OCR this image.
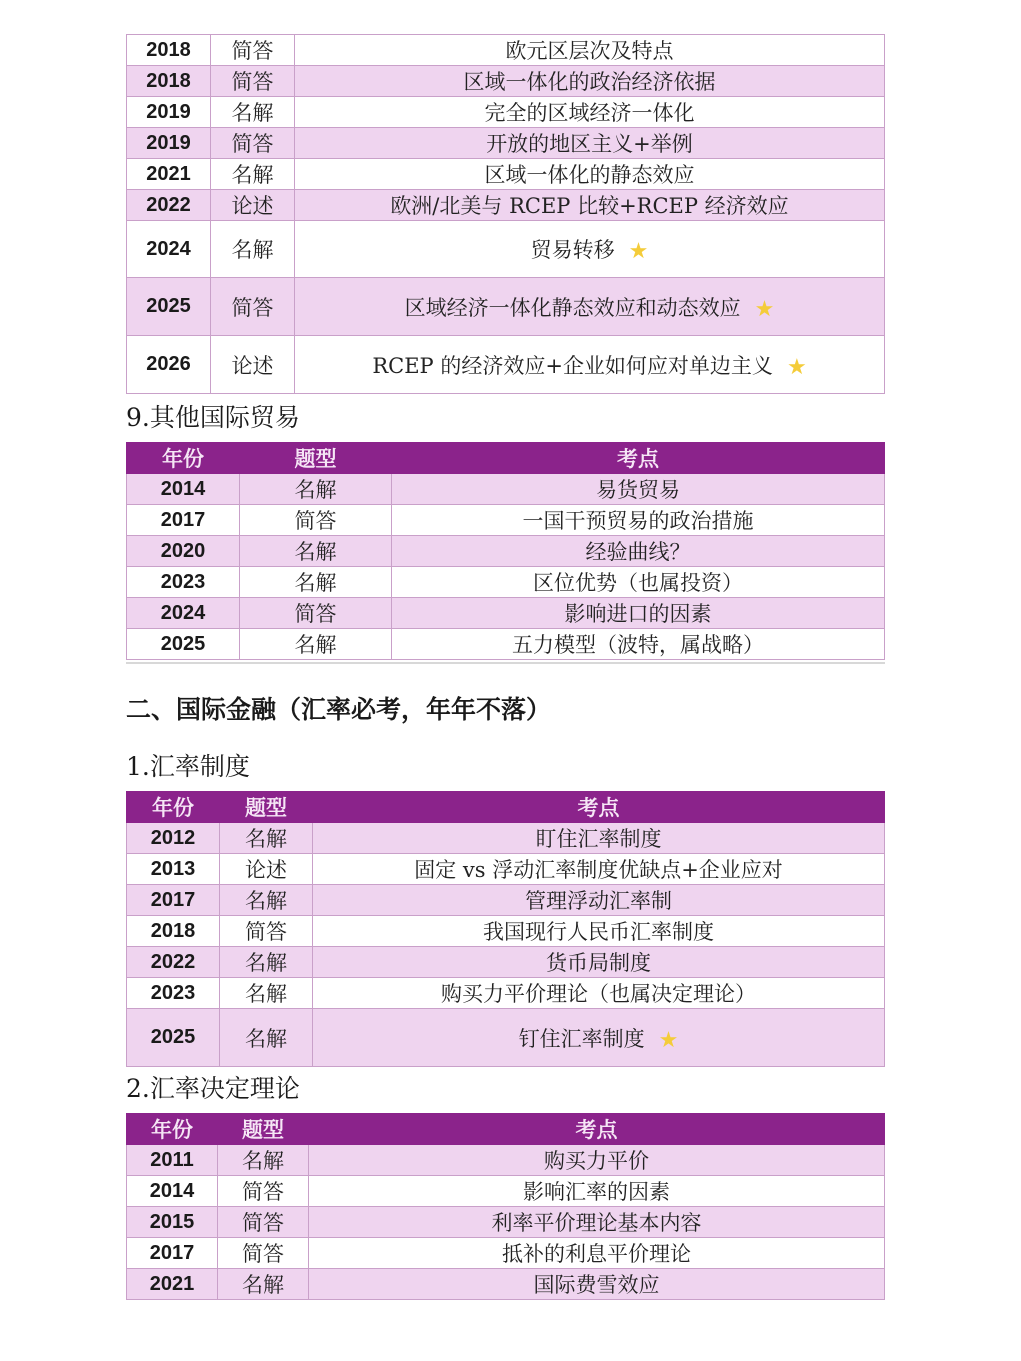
2018	简答	欧元区层次及特点
2018	简答	区域一体化的政治经济依据
2019	名解	完全的区域经济一体化
2019	简答	开放的地区主义+举例
2021	名解	区域一体化的静态效应
2022	论述	欧洲/北美与 RCEP 比较+RCEP 经济效应
2024	名解	贸易转移 ★
2025	简答	区域经济一体化静态效应和动态效应 ★
2026	论述	RCEP 的经济效应+企业如何应对单边主义 ★
9.其他国际贸易
年份	题型	考点
2014	名解	易货贸易
2017	简答	一国干预贸易的政治措施
2020	名解	经验曲线？
2023	名解	区位优势（也属投资）
2024	简答	影响进口的因素
2025	名解	五力模型（波特，属战略）
二、国际金融（汇率必考，年年不落）
1.汇率制度
年份	题型	考点
2012	名解	盯住汇率制度
2013	论述	固定 vs 浮动汇率制度优缺点+企业应对
2017	名解	管理浮动汇率制
2018	简答	我国现行人民币汇率制度
2022	名解	货币局制度
2023	名解	购买力平价理论（也属决定理论）
2025	名解	钉住汇率制度 ★
2.汇率决定理论
年份	题型	考点
2011	名解	购买力平价
2014	简答	影响汇率的因素
2015	简答	利率平价理论基本内容
2017	简答	抵补的利息平价理论
2021	名解	国际费雪效应
